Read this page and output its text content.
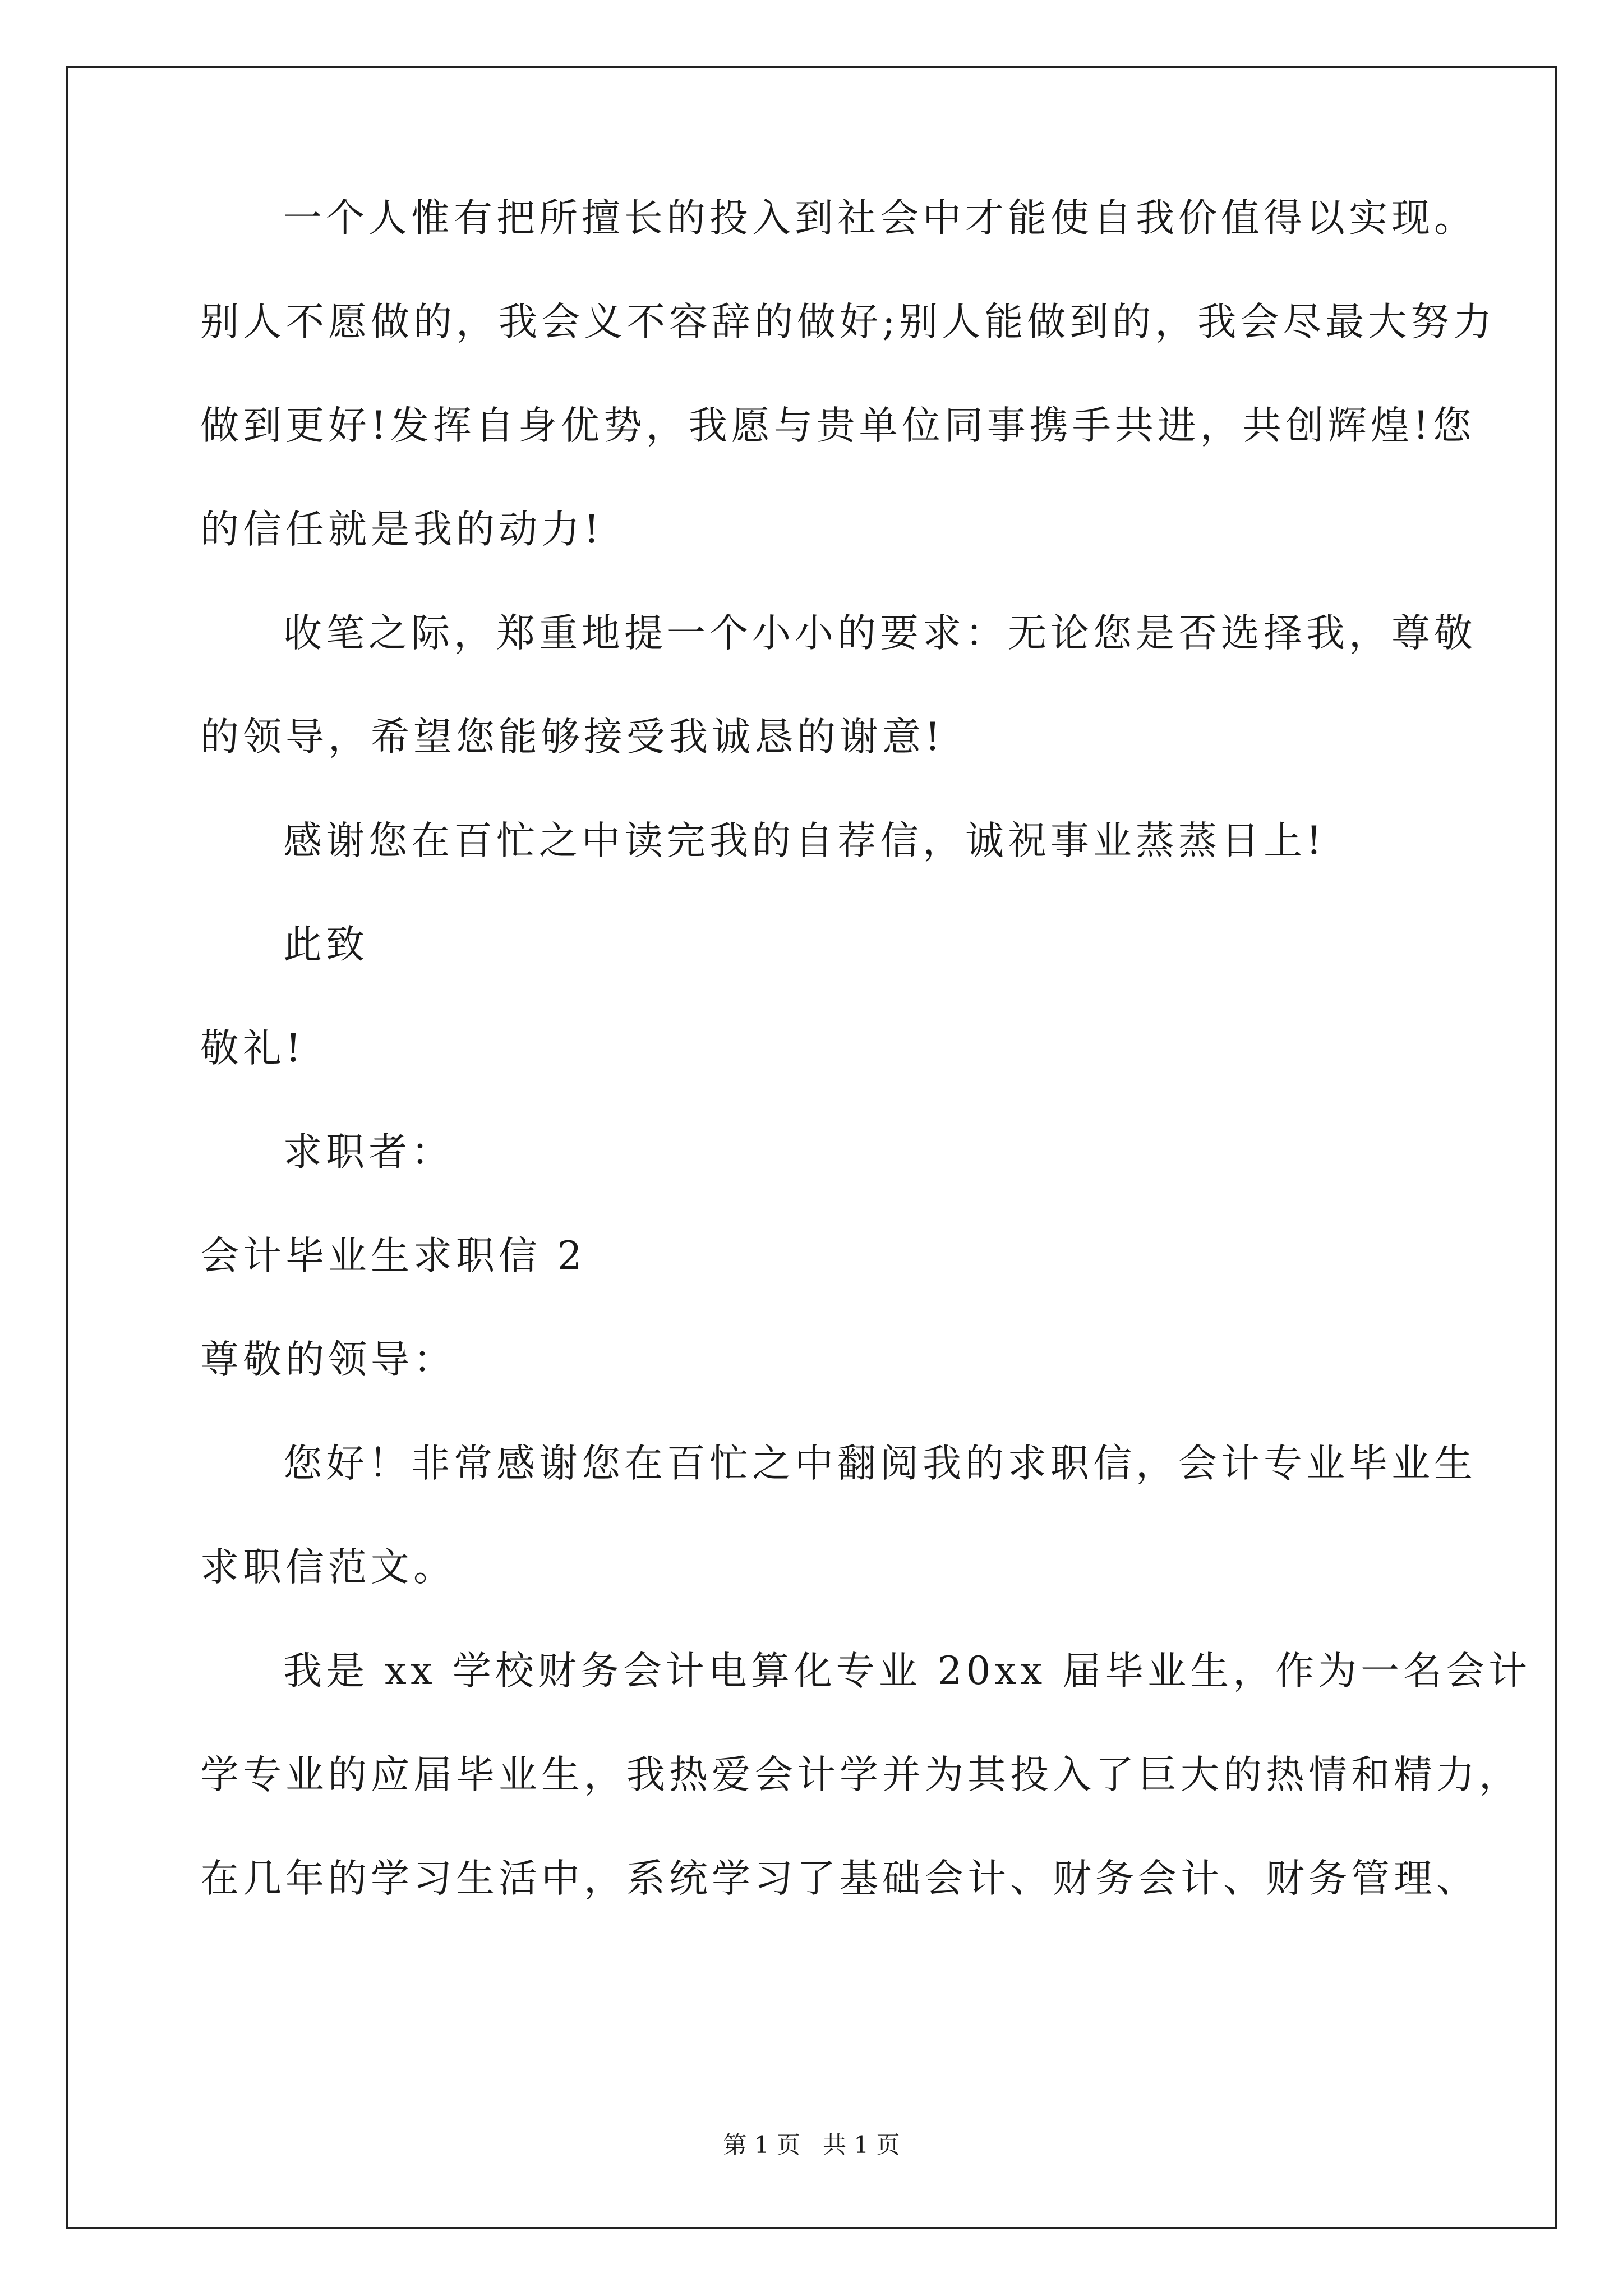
一个人惟有把所擅长的投入到社会中才能使自我价值得以实现。
别人不愿做的，我会义不容辞的做好;别人能做到的，我会尽最大努力
做到更好!发挥自身优势，我愿与贵单位同事携手共进，共创辉煌!您
的信任就是我的动力!
收笔之际，郑重地提一个小小的要求：无论您是否选择我，尊敬
的领导，希望您能够接受我诚恳的谢意!
感谢您在百忙之中读完我的自荐信，诚祝事业蒸蒸日上!
此致
敬礼!
求职者：
会计毕业生求职信 2
尊敬的领导：
您好！非常感谢您在百忙之中翻阅我的求职信，会计专业毕业生
求职信范文。
我是 xx 学校财务会计电算化专业 20xx 届毕业生，作为一名会计
学专业的应届毕业生，我热爱会计学并为其投入了巨大的热情和精力，
在几年的学习生活中，系统学习了基础会计、财务会计、财务管理、
第 1 页   共 1 页
